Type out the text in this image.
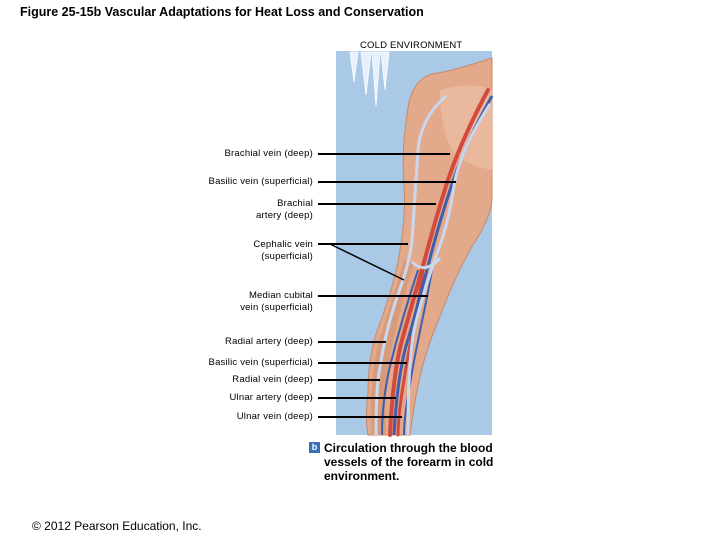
Figure 25-15b Vascular Adaptations for Heat Loss and Conservation
COLD ENVIRONMENT
Brachial vein (deep)
Basilic vein (superficial)
Brachial
artery (deep)
Cephalic vein
(superficial)
Median cubital
vein (superficial)
Radial artery (deep)
Basilic vein (superficial)
Radial vein (deep)
Ulnar artery (deep)
Ulnar vein (deep)
b Circulation through the blood vessels of the forearm in cold environment.
© 2012 Pearson Education, Inc.
